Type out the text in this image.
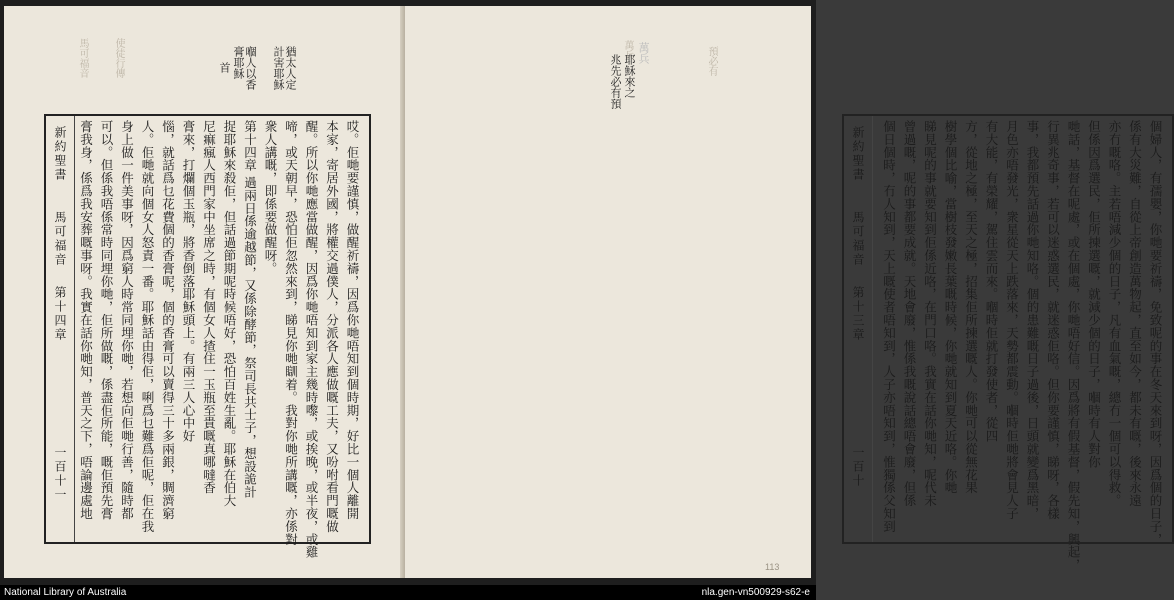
馬可福音	使徒行傳	猶太人定
計害耶穌
嗰人以香
膏耶穌
首
新約聖書
馬可福音
第十四章
一百十一	哎。佢哋要謹慎，做醒祈禱，因爲你哋唔知到個時期，好比一個人離開
本家，寄居外國，將權交過僕人，分派各人應做嘅工夫，又吩咐看門嘅做
醒。所以你哋應當做醒，因爲你哋唔知到家主幾時嚟，或挨晚，或半夜，或雞
啼，或天朝早，恐怕佢忽然來到，睇見你哋瞓着。我對你哋所講嘅，亦係對
衆人講嘅，即係要做醒呀。
第十四章 過兩日係逾越節，又係除酵節，祭司長共士子，想設詭計
捉耶穌來殺佢，但話過節期呢時候唔好，恐怕百姓生亂。耶穌在伯大
尼痲瘋人西門家中坐席之時，有個女人揸住一玉瓶至貴嘅真哪噠香
膏來，打爛個玉瓶，將香倒落耶穌頭上。有兩三人心中好
惱，就話爲乜花費個的香膏呢，個的香膏可以賣得三十多兩銀，賙濟窮
人。佢哋就向個女人怒責一番。耶穌話由得佢，唎爲乜難爲佢呢，佢在我
身上做一件美事呀，因爲窮人時常同埋你哋，若想向佢哋行善，隨時都
可以。但係我唔係常時同埋你哋，佢所做嘅，係盡佢所能，嘅佢預先膏
膏我身，係爲我安葬嘅事呀。我實在話你哋知，普天之下，唔論邊處地
萬兵	預必有
耶穌來之
兆先必有預
萬兵
新約聖書
馬可福音
第十三章
一百十	個婦人，有孺嬰，你哋要祈禱，免致呢的事在冬天來到呀，因爲個的日子，
係有大災難，自從上帝創造萬物起，直至如今，都未有嘅，後來永遠
亦冇嘅咯。主若唔減少個的日子，凡有血氣嘅，總冇一個可以得救。
但係因爲選民，佢所揀選嘅，就減少個的日子，嗰時有人對你
哋話，基督在呢處，或在個處，你哋唔好信。因爲將有假基督，假先知，興起，
行異兆奇事，若可以迷惑選民，就迷惑佢咯。但你要謹慎，睇呀，各樣
事，我都預先話過你哋知咯。個的患難嘅日子過後，日頭就變爲黑暗，
月色亦唔發光，衆星從天上跌落來，天勢都震動。嗰時佢哋將會見人子
有大能，有榮耀，駕住雲而來。嗰時佢就打發使者，從四
方，從地之極，至天之極，招集佢所揀選嘅人。你哋可以從無花果
樹學個比喻，當樹枝發嫩長葉嘅時候，你哋就知到夏天近咯。你哋
睇見呢的事就要知到佢係近咯，在門口咯。我實在話你哋知，呢代未
曾過嘅，呢的事都要成就。天地會廢，惟係我嘅說話總唔會廢，但係
個日個時，冇人知到，天上嘅使者唔知到，人子亦唔知到，惟獨係父知到
113
National Library of Australia	nla.gen-vn500929-s62-e
